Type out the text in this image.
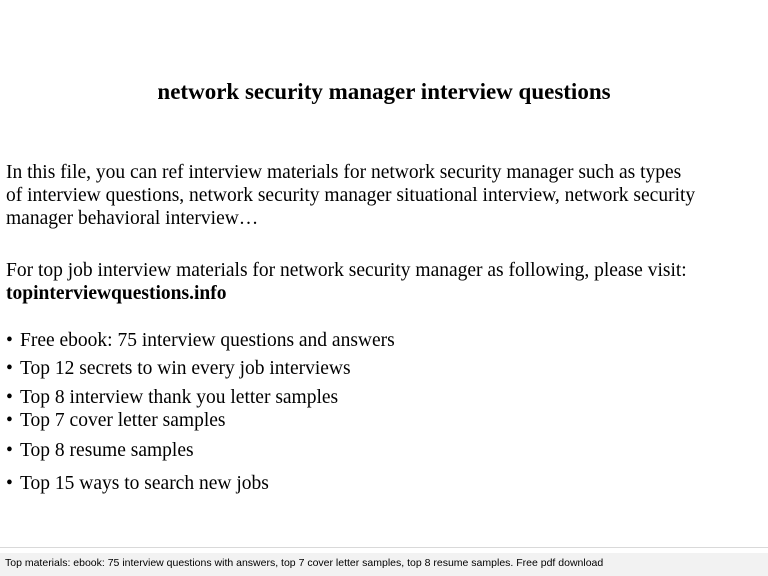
network security manager interview questions
In this file, you can ref interview materials for network security manager such as types
of interview questions, network security manager situational interview, network security
manager behavioral interview…
For top job interview materials for network security manager as following, please visit:
topinterviewquestions.info
• Free ebook: 75 interview questions and answers
• Top 12 secrets to win every job interviews
• Top 8 interview thank you letter samples
• Top 7 cover letter samples
• Top 8 resume samples
• Top 15 ways to search new jobs
Top materials: ebook: 75 interview questions with answers, top 7 cover letter samples, top 8 resume samples. Free pdf download
